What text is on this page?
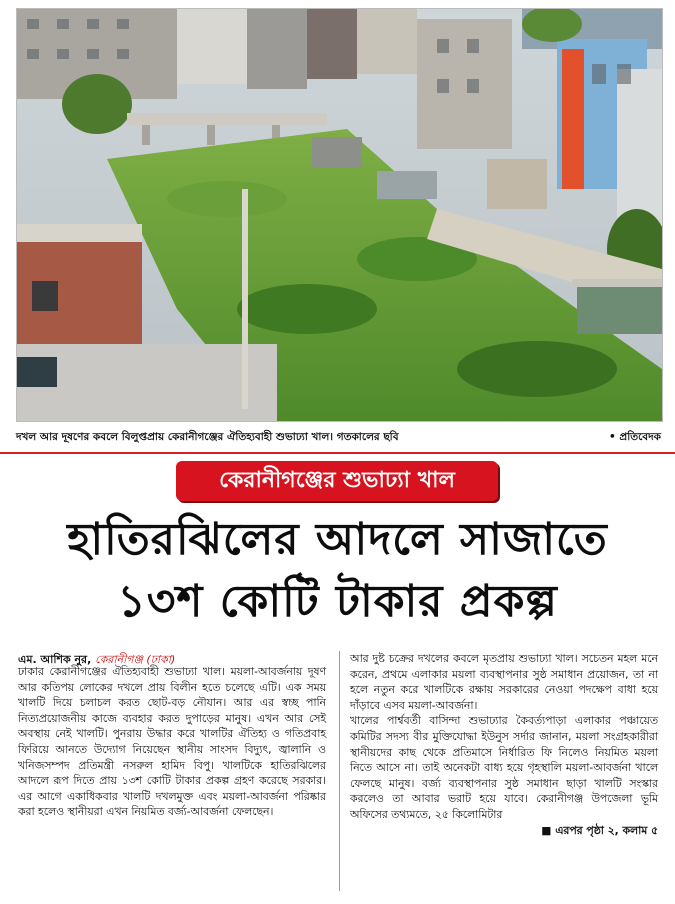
দখল আর দূষণের কবলে বিলুপ্তপ্রায় কেরানীগঞ্জের ঐতিহ্যবাহী শুভাঢ্যা খাল। গতকালের ছবি	• প্রতিবেদক
কেরানীগঞ্জের শুভাঢ্যা খাল
হাতিরঝিলের আদলে সাজাতে
১৩শ কোটি টাকার প্রকল্প
এম. আশিক নুর, কেরানীগঞ্জ (ঢাকা)

ঢাকার কেরানীগঞ্জের ঐতিহ্যবাহী শুভাঢ্যা খাল। ময়লা-আবর্জনায় দূষণ আর কতিপয় লোকের দখলে প্রায় বিলীন হতে চলেছে এটি। এক সময় খালটি দিয়ে চলাচল করত ছোট-বড় নৌযান। আর এর স্বচ্ছ পানি নিত্যপ্রয়োজনীয় কাজে ব্যবহার করত দুপাড়ের মানুষ। এখন আর সেই অবস্থায় নেই খালটি। পুনরায় উদ্ধার করে খালটির ঐতিহ্য ও গতিপ্রবাহ ফিরিয়ে আনতে উদ্যোগ নিয়েছেন স্থানীয় সাংসদ বিদ্যুৎ, জ্বালানি ও খনিজসম্পদ প্রতিমন্ত্রী নসরুল হামিদ বিপু। খালটিকে হাতিরঝিলের আদলে রূপ দিতে প্রায় ১৩শ কোটি টাকার প্রকল্প গ্রহণ করেছে সরকার। এর আগে একাধিকবার খালটি দখলমুক্ত এবং ময়লা-আবর্জনা পরিষ্কার করা হলেও স্থানীয়রা এখন নিয়মিত বর্জ্য-আবর্জনা ফেলছেন।

আর দুষ্ট চক্রের দখলের কবলে মৃতপ্রায় শুভাঢ্যা খাল। সচেতন মহল মনে করেন, প্রথমে এলাকার ময়লা ব্যবস্থাপনার সুষ্ঠ সমাধান প্রয়োজন, তা না হলে নতুন করে খালটিকে রক্ষায় সরকারের নেওয়া পদক্ষেপ বাধা হয়ে দাঁড়াবে এসব ময়লা-আবর্জনা।

খালের পার্শ্ববর্তী বাসিন্দা শুভাঢ্যার কৈবর্ত্যপাড়া এলাকার পঞ্চায়েত কমিটির সদস্য বীর মুক্তিযোদ্ধা ইউনুস সর্দার জানান, ময়লা সংগ্রহকারীরা স্থানীয়দের কাছ থেকে প্রতিমাসে নির্ধারিত ফি নিলেও নিয়মিত ময়লা নিতে আসে না। তাই অনেকটা বাধ্য হয়ে গৃহস্থালি ময়লা-আবর্জনা খালে ফেলছে মানুষ। বর্জ্য ব্যবস্থাপনার সুষ্ঠ সমাধান ছাড়া খালটি সংস্কার করলেও তা আবার ভরাট হয়ে যাবে। কেরানীগঞ্জ উপজেলা ভূমি অফিসের তথ্যমতে, ২৫ কিলোমিটার

■ এরপর পৃষ্ঠা ২, কলাম ৫
